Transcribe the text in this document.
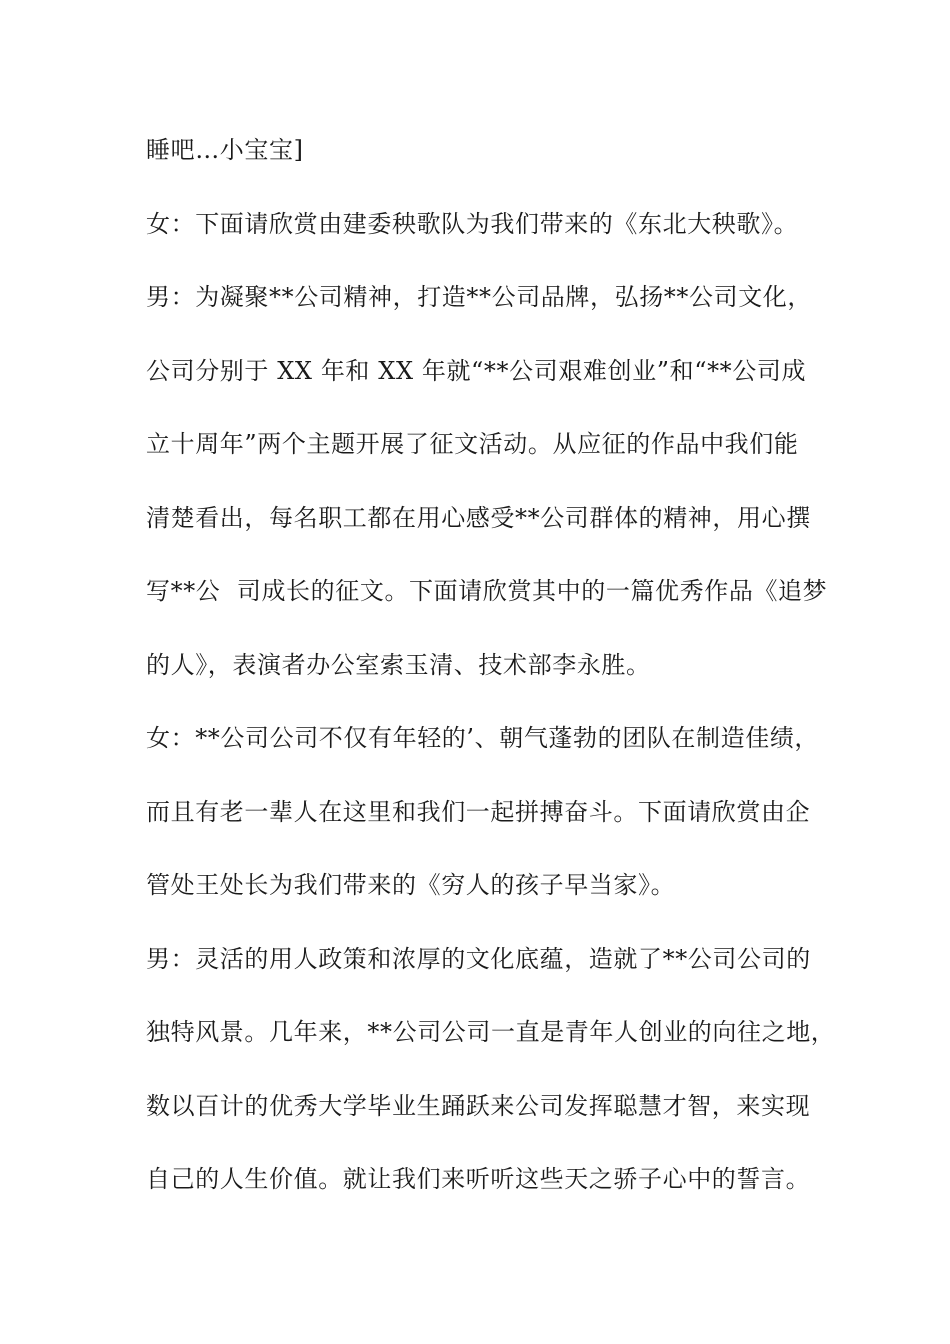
睡吧…小宝宝]
女：下面请欣赏由建委秧歌队为我们带来的《东北大秧歌》。
男：为凝聚**公司精神，打造**公司品牌，弘扬**公司文化，
公司分别于 XX 年和 XX 年就“**公司艰难创业”和“**公司成
立十周年”两个主题开展了征文活动。从应征的作品中我们能
清楚看出，每名职工都在用心感受**公司群体的精神，用心撰
写**公  司成长的征文。下面请欣赏其中的一篇优秀作品《追梦
的人》，表演者办公室索玉清、技术部李永胜。
女：**公司公司不仅有年轻的’、朝气蓬勃的团队在制造佳绩，
而且有老一辈人在这里和我们一起拼搏奋斗。下面请欣赏由企
管处王处长为我们带来的《穷人的孩子早当家》。
男：灵活的用人政策和浓厚的文化底蕴，造就了**公司公司的
独特风景。几年来，**公司公司一直是青年人创业的向往之地，
数以百计的优秀大学毕业生踊跃来公司发挥聪慧才智，来实现
自己的人生价值。就让我们来听听这些天之骄子心中的誓言。
